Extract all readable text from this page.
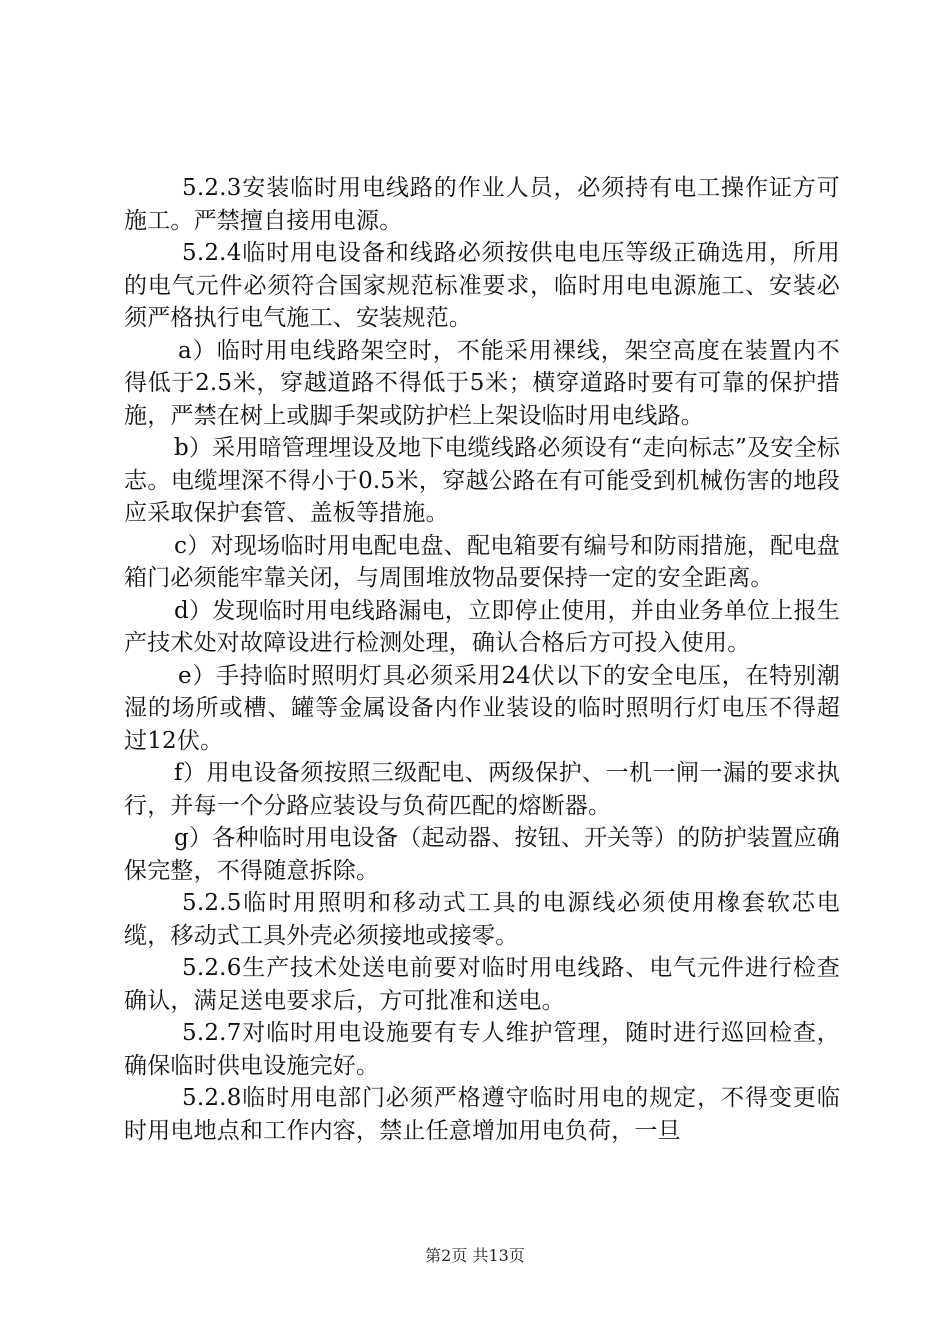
5.2.3安装临时用电线路的作业人员，必须持有电工操作证方可施工。严禁擅自接用电源。

5.2.4临时用电设备和线路必须按供电电压等级正确选用，所用的电气元件必须符合国家规范标准要求，临时用电电源施工、安装必须严格执行电气施工、安装规范。

a）临时用电线路架空时，不能采用裸线，架空高度在装置内不得低于2.5米，穿越道路不得低于5米；横穿道路时要有可靠的保护措施，严禁在树上或脚手架或防护栏上架设临时用电线路。

b）采用暗管理埋设及地下电缆线路必须设有“走向标志”及安全标志。电缆埋深不得小于0.5米，穿越公路在有可能受到机械伤害的地段应采取保护套管、盖板等措施。

c）对现场临时用电配电盘、配电箱要有编号和防雨措施，配电盘箱门必须能牢靠关闭，与周围堆放物品要保持一定的安全距离。

d）发现临时用电线路漏电，立即停止使用，并由业务单位上报生产技术处对故障设进行检测处理，确认合格后方可投入使用。

e）手持临时照明灯具必须采用24伏以下的安全电压，在特别潮湿的场所或槽、罐等金属设备内作业装设的临时照明行灯电压不得超过12伏。

f）用电设备须按照三级配电、两级保护、一机一闸一漏的要求执行，并每一个分路应装设与负荷匹配的熔断器。

g）各种临时用电设备（起动器、按钮、开关等）的防护装置应确保完整，不得随意拆除。

5.2.5临时用照明和移动式工具的电源线必须使用橡套软芯电缆，移动式工具外壳必须接地或接零。

5.2.6生产技术处送电前要对临时用电线路、电气元件进行检查确认，满足送电要求后，方可批准和送电。

5.2.7对临时用电设施要有专人维护管理，随时进行巡回检查，确保临时供电设施完好。

5.2.8临时用电部门必须严格遵守临时用电的规定，不得变更临时用电地点和工作内容，禁止任意增加用电负荷，一旦

第2页 共13页
